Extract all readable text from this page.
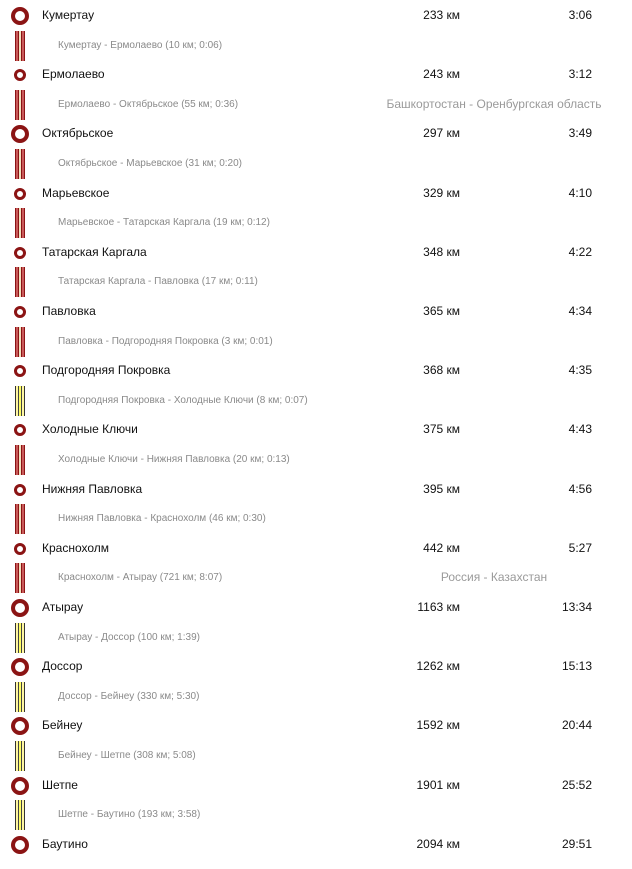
Кумертау	233 км	3:06
Кумертау - Ермолаево (10 км; 0:06)
Ермолаево	243 км	3:12
Ермолаево - Октябрьское (55 км; 0:36)	Башкортостан - Оренбургская область
Октябрьское	297 км	3:49
Октябрьское - Марьевское (31 км; 0:20)
Марьевское	329 км	4:10
Марьевское - Татарская Каргала (19 км; 0:12)
Татарская Каргала	348 км	4:22
Татарская Каргала - Павловка (17 км; 0:11)
Павловка	365 км	4:34
Павловка - Подгородняя Покровка (3 км; 0:01)
Подгородняя Покровка	368 км	4:35
Подгородняя Покровка - Холодные Ключи (8 км; 0:07)
Холодные Ключи	375 км	4:43
Холодные Ключи - Нижняя Павловка (20 км; 0:13)
Нижняя Павловка	395 км	4:56
Нижняя Павловка - Краснохолм (46 км; 0:30)
Краснохолм	442 км	5:27
Краснохолм - Атырау (721 км; 8:07)	Россия - Казахстан
Атырау	1163 км	13:34
Атырау - Доссор (100 км; 1:39)
Доссор	1262 км	15:13
Доссор - Бейнеу (330 км; 5:30)
Бейнеу	1592 км	20:44
Бейнеу - Шетпе (308 км; 5:08)
Шетпе	1901 км	25:52
Шетпе - Баутино (193 км; 3:58)
Баутино	2094 км	29:51
